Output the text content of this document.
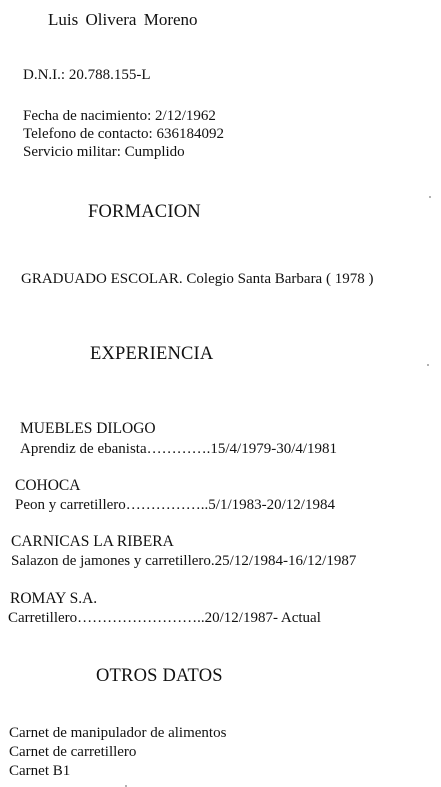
Luis Olivera Moreno
D.N.I.: 20.788.155-L
Fecha de nacimiento: 2/12/1962
Telefono de contacto: 636184092
Servicio militar: Cumplido
FORMACION
GRADUADO ESCOLAR. Colegio Santa Barbara ( 1978 )
EXPERIENCIA
MUEBLES DILOGO
Aprendiz de ebanista………….15/4/1979-30/4/1981
COHOCA
Peon y carretillero……………..5/1/1983-20/12/1984
CARNICAS LA RIBERA
Salazon de jamones y carretillero.25/12/1984-16/12/1987
ROMAY S.A.
Carretillero……………………..20/12/1987- Actual
OTROS DATOS
Carnet de manipulador de alimentos
Carnet de carretillero
Carnet B1
